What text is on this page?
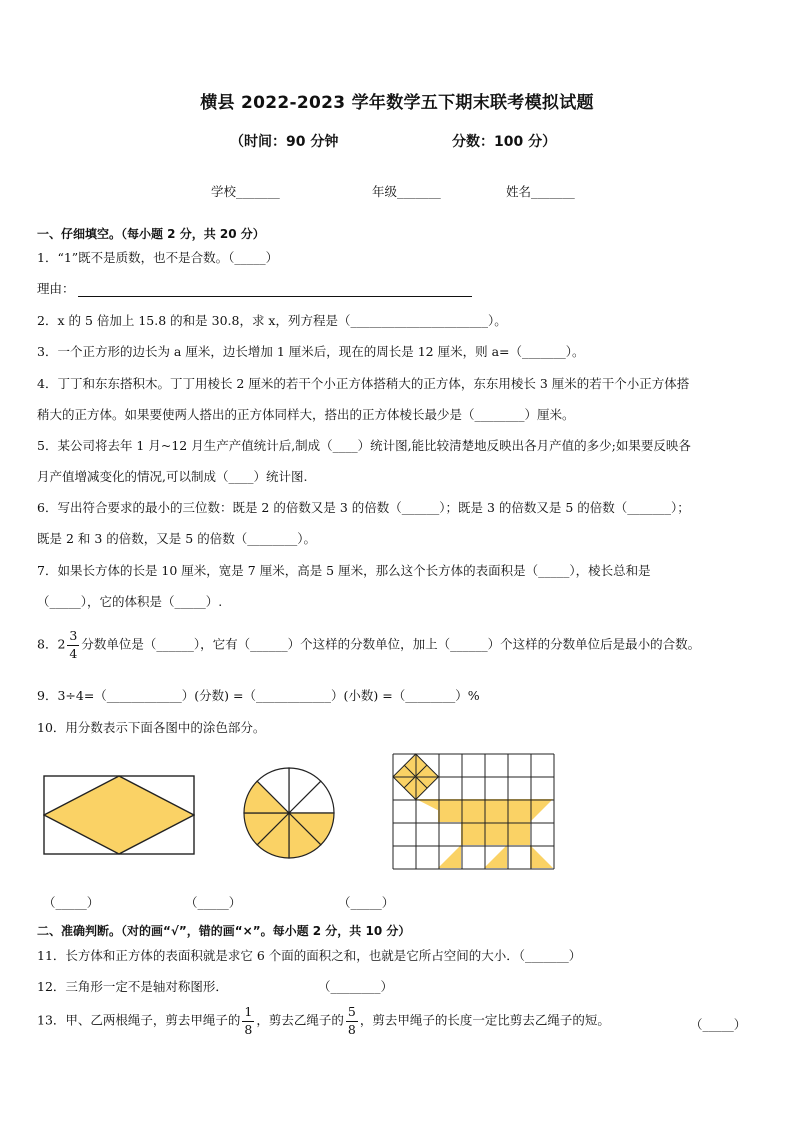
横县 2022-2023 学年数学五下期末联考模拟试题
（时间：90 分钟	分数：100 分）
学校_______	年级_______	姓名_______
一、仔细填空。（每小题 2 分，共 20 分）
1．“1”既不是质数，也不是合数。（_____）
理由：
2．x 的 5 倍加上 15.8 的和是 30.8，求 x，列方程是（______________________）。
3．一个正方形的边长为 a 厘米，边长增加 1 厘米后，现在的周长是 12 厘米，则 a=（_______）。
4．丁丁和东东搭积木。丁丁用棱长 2 厘米的若干个小正方体搭稍大的正方体，东东用棱长 3 厘米的若干个小正方体搭
稍大的正方体。如果要使两人搭出的正方体同样大，搭出的正方体棱长最少是（________）厘米。
5．某公司将去年 1 月~12 月生产产值统计后,制成（____）统计图,能比较清楚地反映出各月产值的多少;如果要反映各
月产值增减变化的情况,可以制成（____）统计图.
6．写出符合要求的最小的三位数：既是 2 的倍数又是 3 的倍数（______）；既是 3 的倍数又是 5 的倍数（_______）；
既是 2 和 3 的倍数，又是 5 的倍数（________）。
7．如果长方体的长是 10 厘米，宽是 7 厘米，高是 5 厘米，那么这个长方体的表面积是（_____），棱长总和是
（_____），它的体积是（_____）.
8．$2 \frac{3}{4}$ 分数单位是（______），它有（______）个这样的分数单位，加上（______）个这样的分数单位后是最小的合数。
9．3÷4=（____________）(分数) =（____________）(小数) =（________）%
10．用分数表示下面各图中的涂色部分。
（_____）	（_____）	（_____）
二、准确判断。（对的画“√”，错的画“×”。每小题 2 分，共 10 分）
11．长方体和正方体的表面积就是求它 6 个面的面积之和，也就是它所占空间的大小．（_______）
12．三角形一定不是轴对称图形．	（________）
13．甲、乙两根绳子，剪去甲绳子的 $\frac{1}{8}$ ，剪去乙绳子的 $\frac{5}{8}$ ，剪去甲绳子的长度一定比剪去乙绳子的短。	（_____）
